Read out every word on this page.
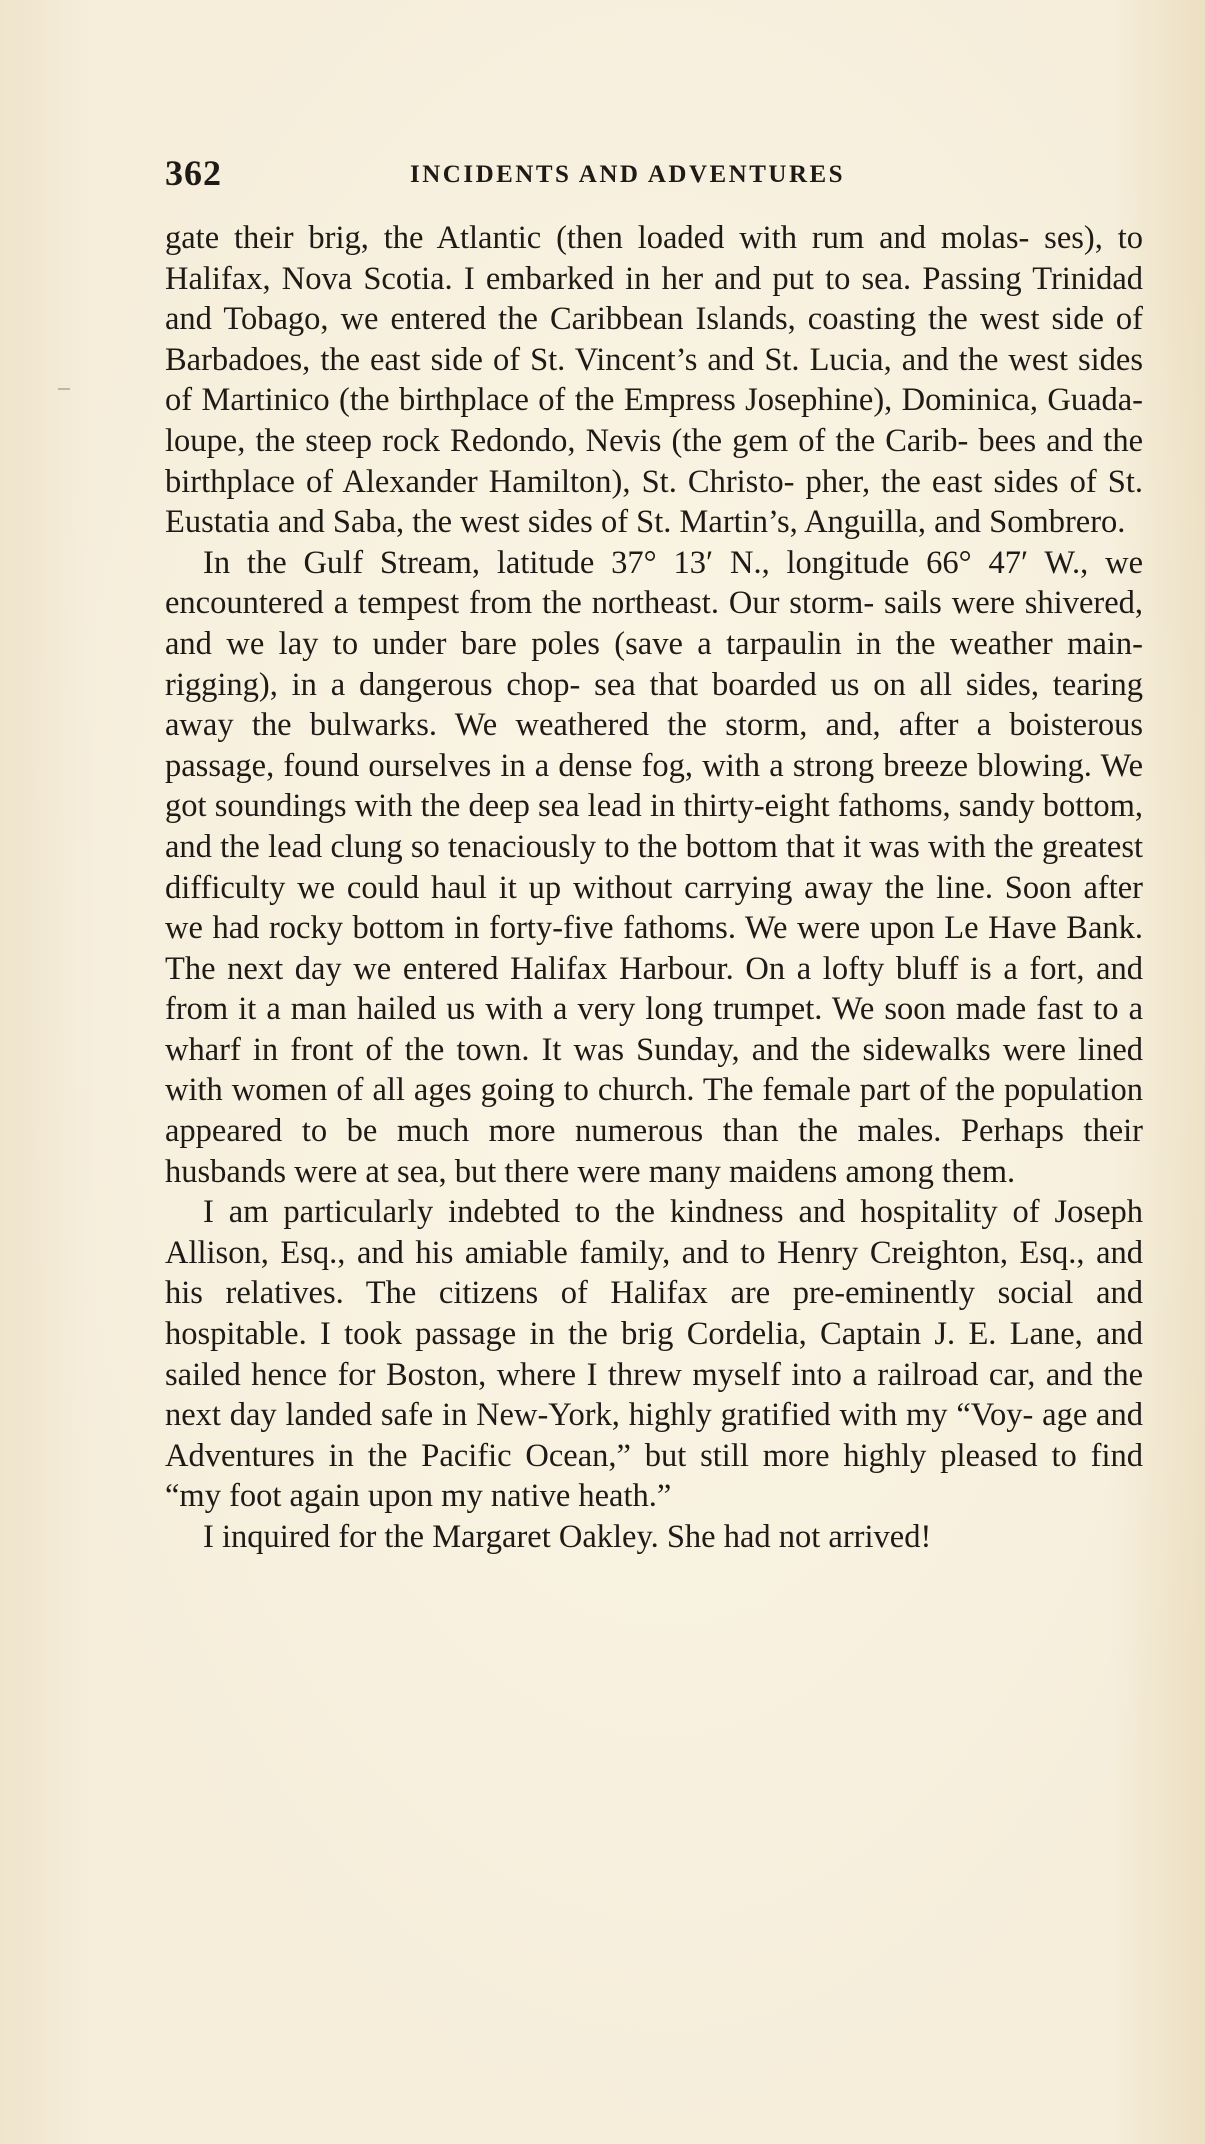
362	INCIDENTS AND ADVENTURES

gate their brig, the Atlantic (then loaded with rum and molas- ses), to Halifax, Nova Scotia. I embarked in her and put to sea. Passing Trinidad and Tobago, we entered the Caribbean Islands, coasting the west side of Barbadoes, the east side of St. Vincent’s and St. Lucia, and the west sides of Martinico (the birthplace of the Empress Josephine), Dominica, Guada- loupe, the steep rock Redondo, Nevis (the gem of the Carib- bees and the birthplace of Alexander Hamilton), St. Christo- pher, the east sides of St. Eustatia and Saba, the west sides of St. Martin’s, Anguilla, and Sombrero.

In the Gulf Stream, latitude 37° 13′ N., longitude 66° 47′ W., we encountered a tempest from the northeast. Our storm- sails were shivered, and we lay to under bare poles (save a tarpaulin in the weather main-rigging), in a dangerous chop- sea that boarded us on all sides, tearing away the bulwarks. We weathered the storm, and, after a boisterous passage, found ourselves in a dense fog, with a strong breeze blowing. We got soundings with the deep sea lead in thirty-eight fathoms, sandy bottom, and the lead clung so tenaciously to the bottom that it was with the greatest difficulty we could haul it up without carrying away the line. Soon after we had rocky bottom in forty-five fathoms. We were upon Le Have Bank. The next day we entered Halifax Harbour. On a lofty bluff is a fort, and from it a man hailed us with a very long trumpet. We soon made fast to a wharf in front of the town. It was Sunday, and the sidewalks were lined with women of all ages going to church. The female part of the population appeared to be much more numerous than the males. Perhaps their husbands were at sea, but there were many maidens among them.

I am particularly indebted to the kindness and hospitality of Joseph Allison, Esq., and his amiable family, and to Henry Creighton, Esq., and his relatives. The citizens of Halifax are pre-eminently social and hospitable. I took passage in the brig Cordelia, Captain J. E. Lane, and sailed hence for Boston, where I threw myself into a railroad car, and the next day landed safe in New-York, highly gratified with my “Voy- age and Adventures in the Pacific Ocean,” but still more highly pleased to find “my foot again upon my native heath.”

I inquired for the Margaret Oakley. She had not arrived!
